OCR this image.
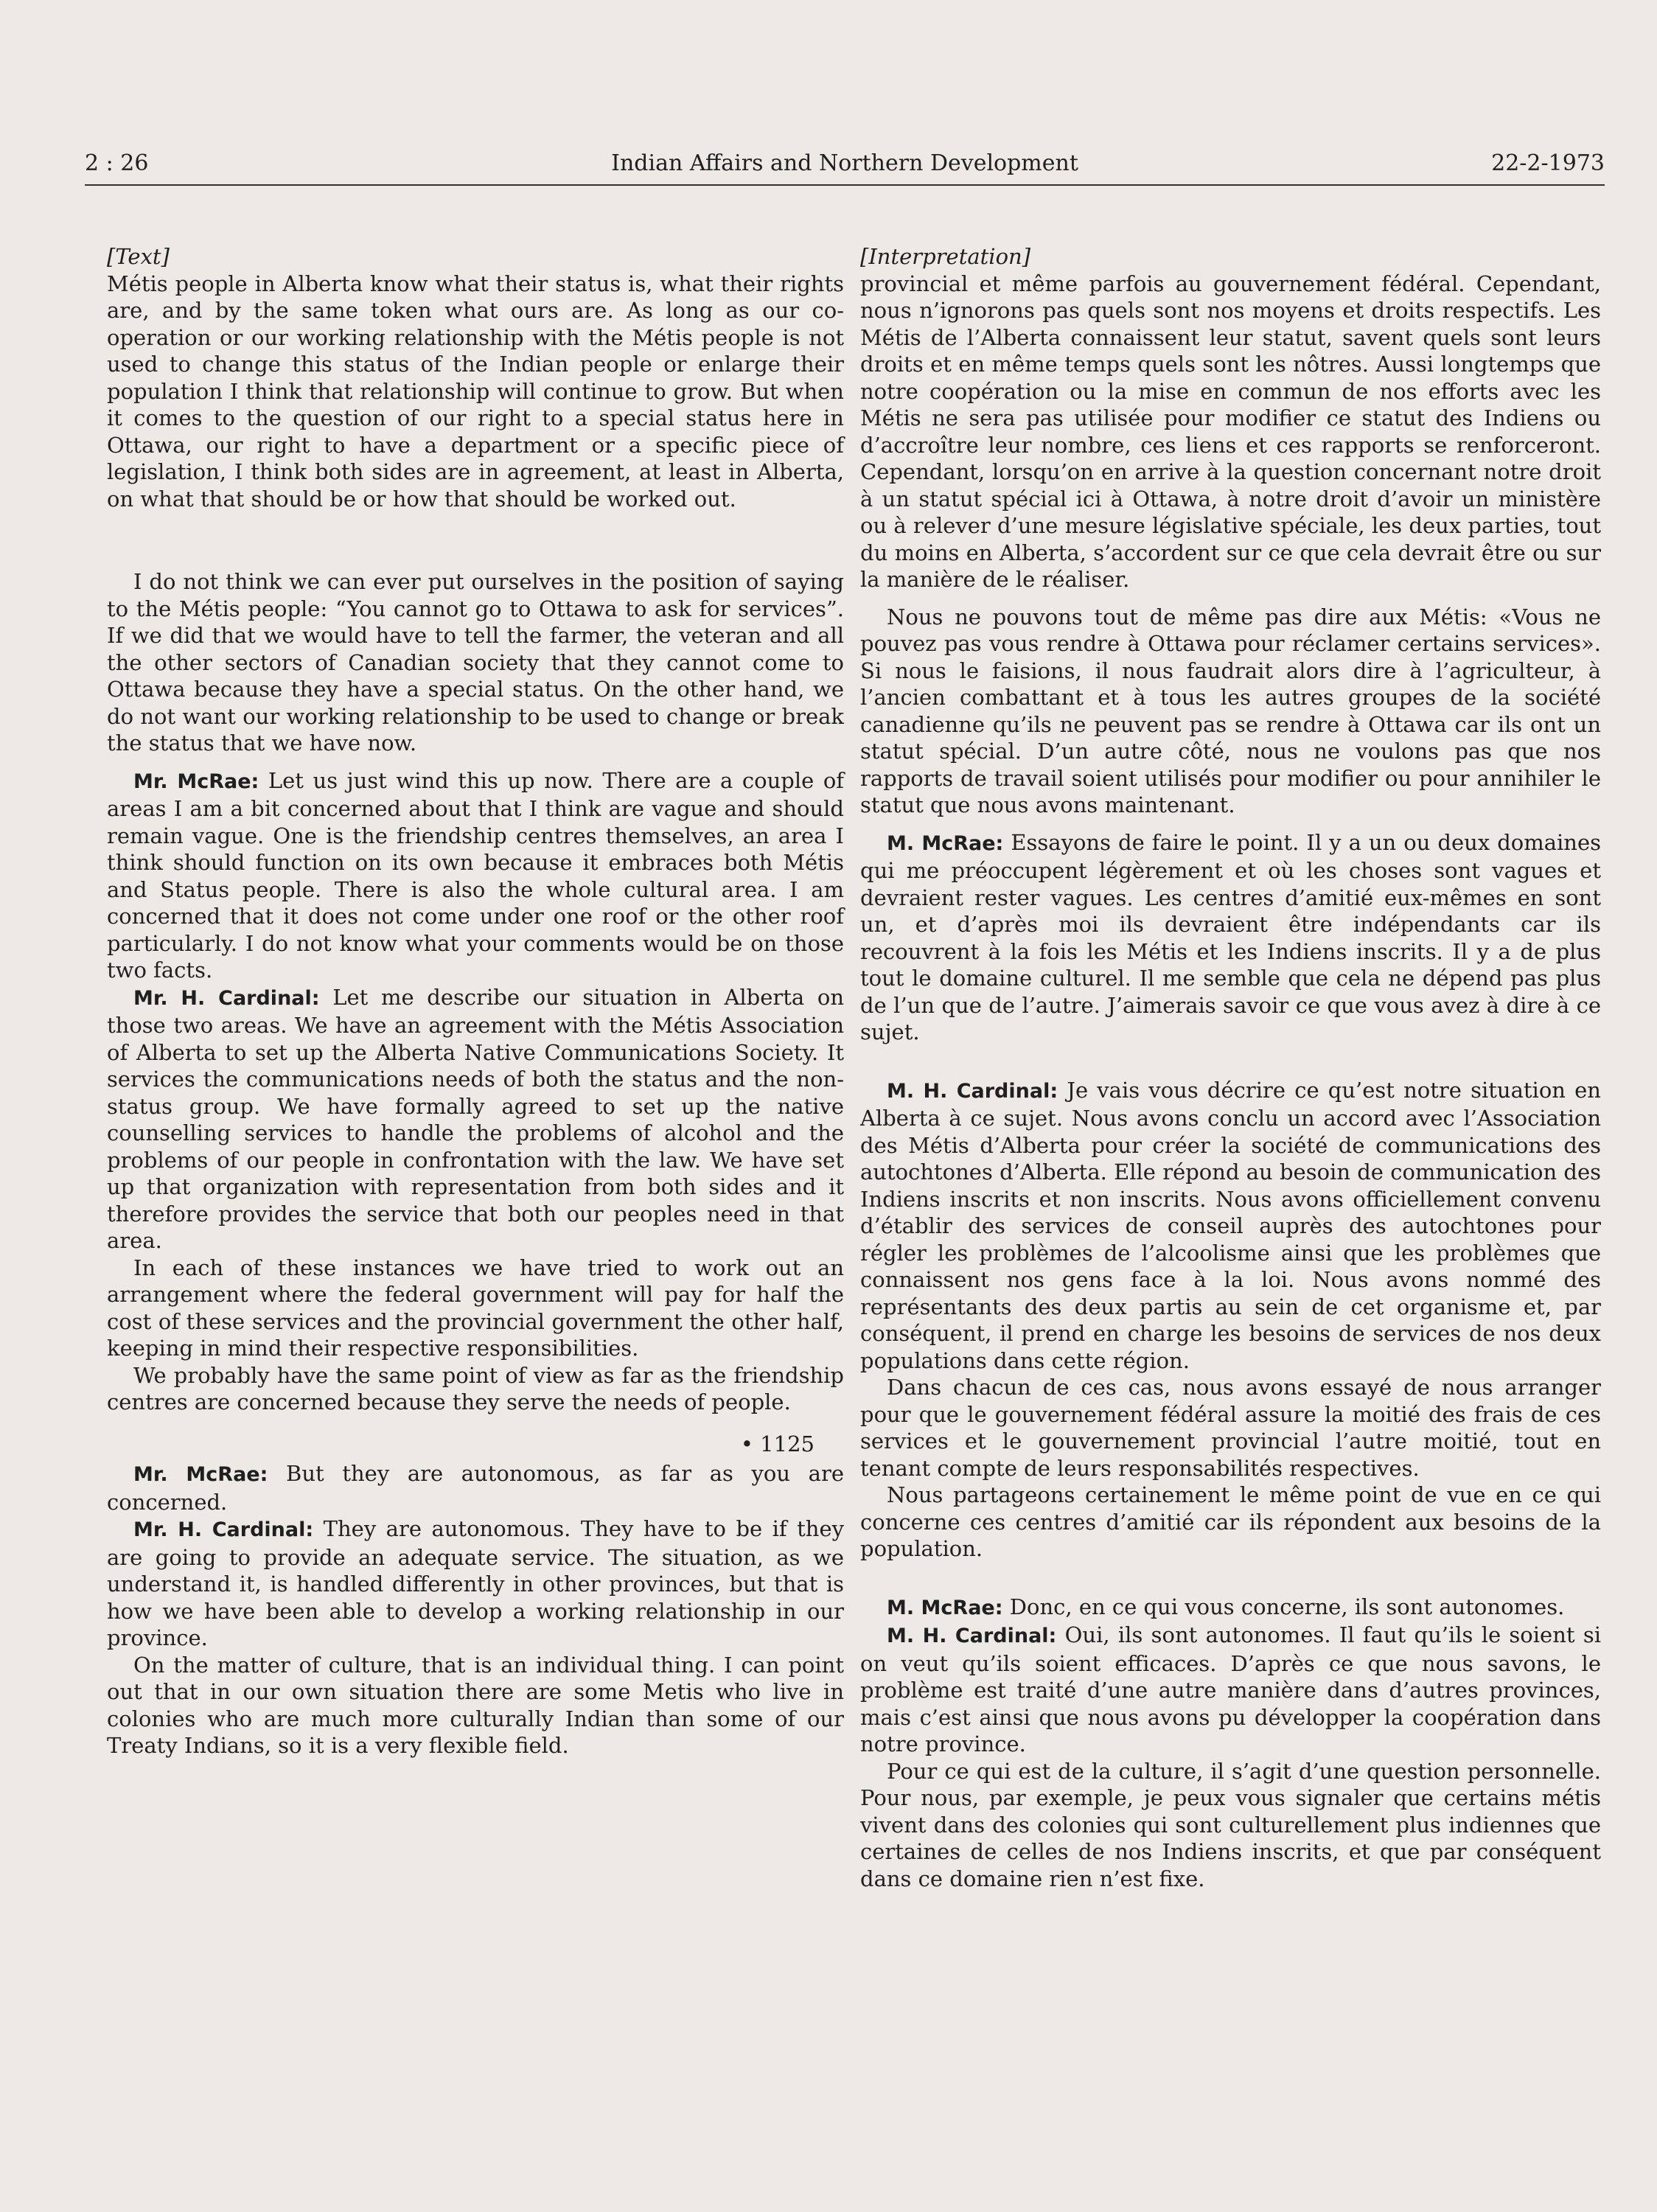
2 : 26	Indian Affairs and Northern Development	22-2-1973

[Text]

Métis people in Alberta know what their status is, what their rights are, and by the same token what ours are. As long as our co-operation or our working relationship with the Métis people is not used to change this status of the Indian people or enlarge their population I think that relationship will continue to grow. But when it comes to the question of our right to a special status here in Ottawa, our right to have a department or a specific piece of legislation, I think both sides are in agreement, at least in Alberta, on what that should be or how that should be worked out.

I do not think we can ever put ourselves in the position of saying to the Métis people: “You cannot go to Ottawa to ask for services”. If we did that we would have to tell the farmer, the veteran and all the other sectors of Canadian society that they cannot come to Ottawa because they have a special status. On the other hand, we do not want our working relationship to be used to change or break the status that we have now.

Mr. McRae: Let us just wind this up now. There are a couple of areas I am a bit concerned about that I think are vague and should remain vague. One is the friendship centres themselves, an area I think should function on its own because it embraces both Métis and Status people. There is also the whole cultural area. I am concerned that it does not come under one roof or the other roof particularly. I do not know what your comments would be on those two facts.

Mr. H. Cardinal: Let me describe our situation in Alberta on those two areas. We have an agreement with the Métis Association of Alberta to set up the Alberta Native Communications Society. It services the communications needs of both the status and the non-status group. We have formally agreed to set up the native counselling services to handle the problems of alcohol and the problems of our people in confrontation with the law. We have set up that organization with representation from both sides and it therefore provides the service that both our peoples need in that area.

In each of these instances we have tried to work out an arrangement where the federal government will pay for half the cost of these services and the provincial government the other half, keeping in mind their respective responsibilities.

We probably have the same point of view as far as the friendship centres are concerned because they serve the needs of people.

• 1125

Mr. McRae: But they are autonomous, as far as you are concerned.

Mr. H. Cardinal: They are autonomous. They have to be if they are going to provide an adequate service. The situation, as we understand it, is handled differently in other provinces, but that is how we have been able to develop a working relationship in our province.

On the matter of culture, that is an individual thing. I can point out that in our own situation there are some Metis who live in colonies who are much more culturally Indian than some of our Treaty Indians, so it is a very flexible field.

[Interpretation]

provincial et même parfois au gouvernement fédéral. Cependant, nous n’ignorons pas quels sont nos moyens et droits respectifs. Les Métis de l’Alberta connaissent leur statut, savent quels sont leurs droits et en même temps quels sont les nôtres. Aussi longtemps que notre coopération ou la mise en commun de nos efforts avec les Métis ne sera pas utilisée pour modifier ce statut des Indiens ou d’accroître leur nombre, ces liens et ces rapports se renforceront. Cependant, lorsqu’on en arrive à la question concernant notre droit à un statut spécial ici à Ottawa, à notre droit d’avoir un ministère ou à relever d’une mesure législative spéciale, les deux parties, tout du moins en Alberta, s’accordent sur ce que cela devrait être ou sur la manière de le réaliser.

Nous ne pouvons tout de même pas dire aux Métis: «Vous ne pouvez pas vous rendre à Ottawa pour réclamer certains services». Si nous le faisions, il nous faudrait alors dire à l’agriculteur, à l’ancien combattant et à tous les autres groupes de la société canadienne qu’ils ne peuvent pas se rendre à Ottawa car ils ont un statut spécial. D’un autre côté, nous ne voulons pas que nos rapports de travail soient utilisés pour modifier ou pour annihiler le statut que nous avons maintenant.

M. McRae: Essayons de faire le point. Il y a un ou deux domaines qui me préoccupent légèrement et où les choses sont vagues et devraient rester vagues. Les centres d’amitié eux-mêmes en sont un, et d’après moi ils devraient être indépendants car ils recouvrent à la fois les Métis et les Indiens inscrits. Il y a de plus tout le domaine culturel. Il me semble que cela ne dépend pas plus de l’un que de l’autre. J’aimerais savoir ce que vous avez à dire à ce sujet.

M. H. Cardinal: Je vais vous décrire ce qu’est notre situation en Alberta à ce sujet. Nous avons conclu un accord avec l’Association des Métis d’Alberta pour créer la société de communications des autochtones d’Alberta. Elle répond au besoin de communication des Indiens inscrits et non inscrits. Nous avons officiellement convenu d’établir des services de conseil auprès des autochtones pour régler les problèmes de l’alcoolisme ainsi que les problèmes que connaissent nos gens face à la loi. Nous avons nommé des représentants des deux partis au sein de cet organisme et, par conséquent, il prend en charge les besoins de services de nos deux populations dans cette région.

Dans chacun de ces cas, nous avons essayé de nous arranger pour que le gouvernement fédéral assure la moitié des frais de ces services et le gouvernement provincial l’autre moitié, tout en tenant compte de leurs responsabilités respectives.

Nous partageons certainement le même point de vue en ce qui concerne ces centres d’amitié car ils répondent aux besoins de la population.

M. McRae: Donc, en ce qui vous concerne, ils sont autonomes.

M. H. Cardinal: Oui, ils sont autonomes. Il faut qu’ils le soient si on veut qu’ils soient efficaces. D’après ce que nous savons, le problème est traité d’une autre manière dans d’autres provinces, mais c’est ainsi que nous avons pu développer la coopération dans notre province.

Pour ce qui est de la culture, il s’agit d’une question personnelle. Pour nous, par exemple, je peux vous signaler que certains métis vivent dans des colonies qui sont culturellement plus indiennes que certaines de celles de nos Indiens inscrits, et que par conséquent dans ce domaine rien n’est fixe.
